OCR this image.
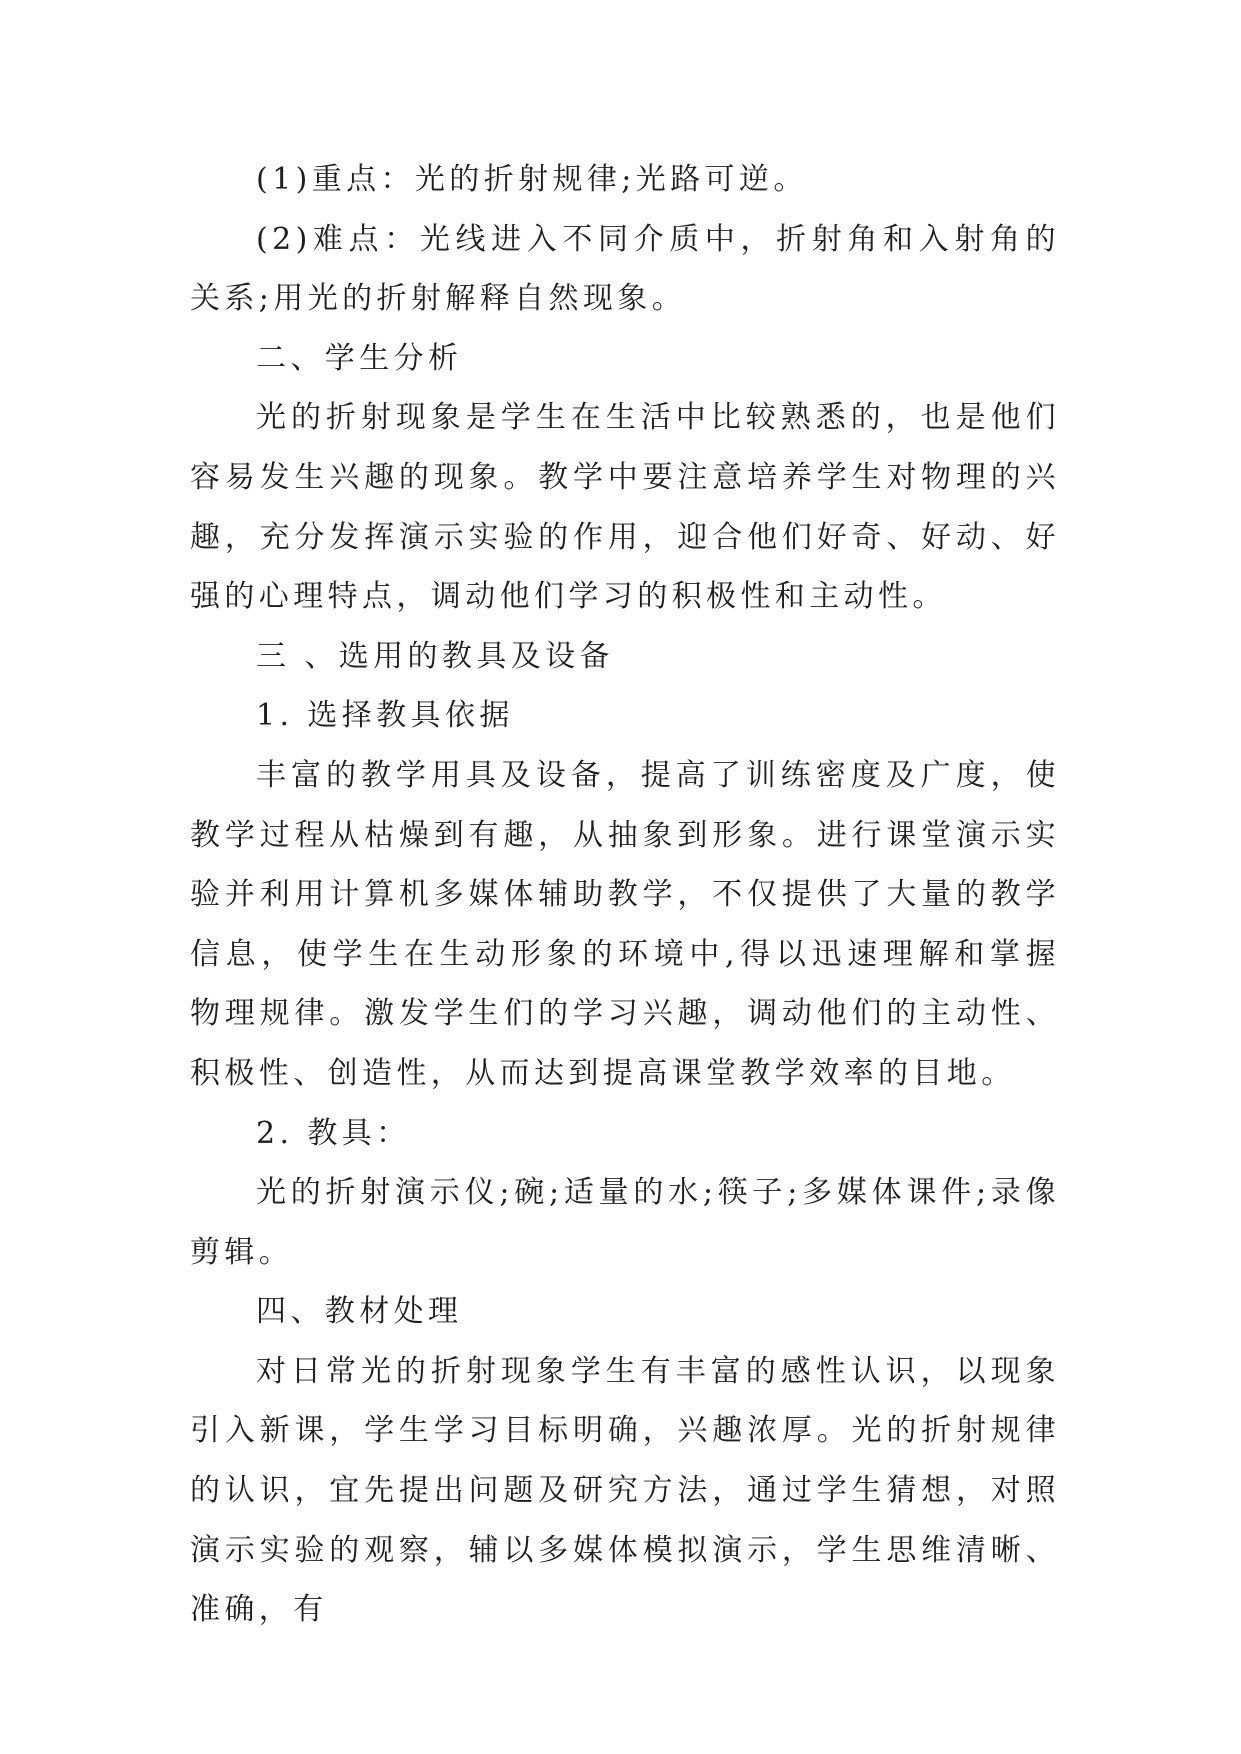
(1)重点：光的折射规律;光路可逆。

(2)难点：光线进入不同介质中，折射角和入射角的关系;用光的折射解释自然现象。

二、学生分析

光的折射现象是学生在生活中比较熟悉的，也是他们容易发生兴趣的现象。教学中要注意培养学生对物理的兴趣，充分发挥演示实验的作用，迎合他们好奇、好动、好强的心理特点，调动他们学习的积极性和主动性。

三 、选用的教具及设备

1. 选择教具依据

丰富的教学用具及设备，提高了训练密度及广度，使教学过程从枯燥到有趣，从抽象到形象。进行课堂演示实验并利用计算机多媒体辅助教学，不仅提供了大量的教学信息，使学生在生动形象的环境中,得以迅速理解和掌握物理规律。激发学生们的学习兴趣，调动他们的主动性、积极性、创造性，从而达到提高课堂教学效率的目地。

2. 教具：

光的折射演示仪;碗;适量的水;筷子;多媒体课件;录像剪辑。

四、教材处理

对日常光的折射现象学生有丰富的感性认识，以现象引入新课，学生学习目标明确，兴趣浓厚。光的折射规律的认识，宜先提出问题及研究方法，通过学生猜想，对照演示实验的观察，辅以多媒体模拟演示，学生思维清晰、准确，有
